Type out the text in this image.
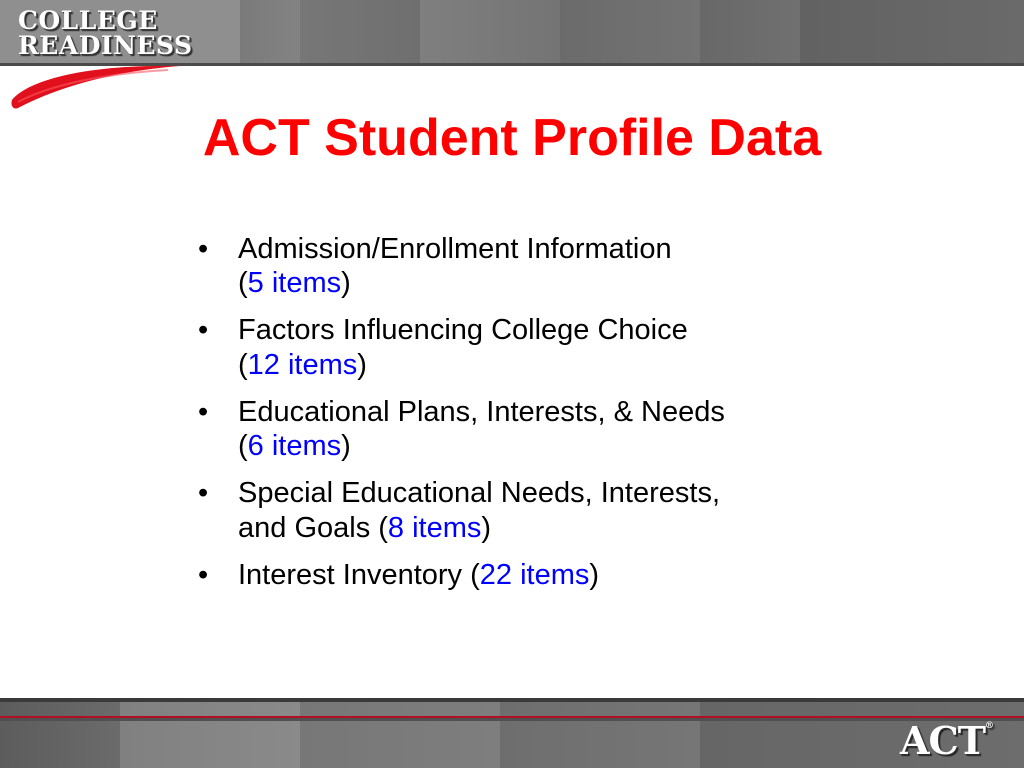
COLLEGE
READINESS
ACT Student Profile Data
• Admission/Enrollment Information
(5 items)
• Factors Influencing College Choice
(12 items)
• Educational Plans, Interests, & Needs
(6 items)
• Special Educational Needs, Interests,
and Goals (8 items)
• Interest Inventory (22 items)
ACT®
